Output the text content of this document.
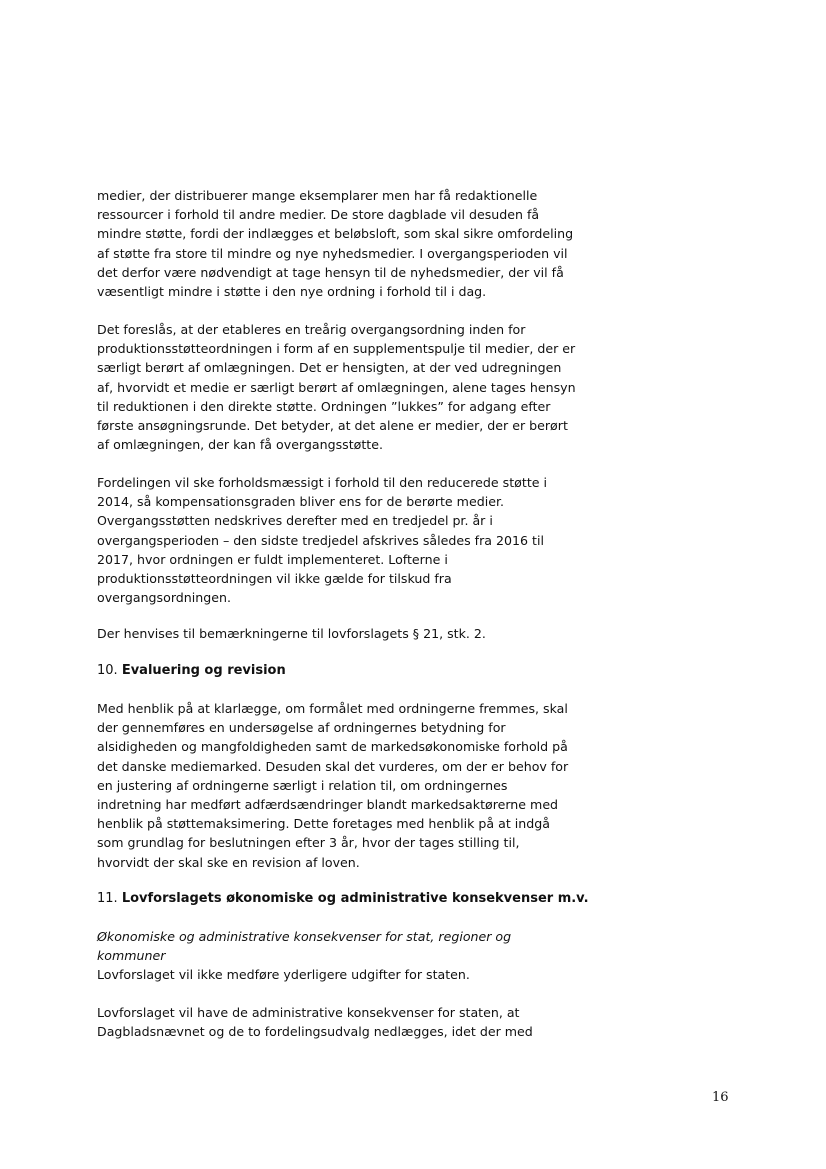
medier, der distribuerer mange eksemplarer men har få redaktionelle
ressourcer i forhold til andre medier. De store dagblade vil desuden få
mindre støtte, fordi der indlægges et beløbsloft, som skal sikre omfordeling
af støtte fra store til mindre og nye nyhedsmedier. I overgangsperioden vil
det derfor være nødvendigt at tage hensyn til de nyhedsmedier, der vil få
væsentligt mindre i støtte i den nye ordning i forhold til i dag.
Det foreslås, at der etableres en treårig overgangsordning inden for
produktionsstøtteordningen i form af en supplementspulje til medier, der er
særligt berørt af omlægningen. Det er hensigten, at der ved udregningen
af, hvorvidt et medie er særligt berørt af omlægningen, alene tages hensyn
til reduktionen i den direkte støtte. Ordningen ”lukkes” for adgang efter
første ansøgningsrunde. Det betyder, at det alene er medier, der er berørt
af omlægningen, der kan få overgangsstøtte.
Fordelingen vil ske forholdsmæssigt i forhold til den reducerede støtte i
2014, så kompensationsgraden bliver ens for de berørte medier.
Overgangsstøtten nedskrives derefter med en tredjedel pr. år i
overgangsperioden – den sidste tredjedel afskrives således fra 2016 til
2017, hvor ordningen er fuldt implementeret. Lofterne i
produktionsstøtteordningen vil ikke gælde for tilskud fra
overgangsordningen.
Der henvises til bemærkningerne til lovforslagets § 21, stk. 2.
10. Evaluering og revision
Med henblik på at klarlægge, om formålet med ordningerne fremmes, skal
der gennemføres en undersøgelse af ordningernes betydning for
alsidigheden og mangfoldigheden samt de markedsøkonomiske forhold på
det danske mediemarked. Desuden skal det vurderes, om der er behov for
en justering af ordningerne særligt i relation til, om ordningernes
indretning har medført adfærdsændringer blandt markedsaktørerne med
henblik på støttemaksimering. Dette foretages med henblik på at indgå
som grundlag for beslutningen efter 3 år, hvor der tages stilling til,
hvorvidt der skal ske en revision af loven.
11. Lovforslagets økonomiske og administrative konsekvenser m.v.
Økonomiske og administrative konsekvenser for stat, regioner og
kommuner
Lovforslaget vil ikke medføre yderligere udgifter for staten.
Lovforslaget vil have de administrative konsekvenser for staten, at
Dagbladsnævnet og de to fordelingsudvalg nedlægges, idet der med
16
